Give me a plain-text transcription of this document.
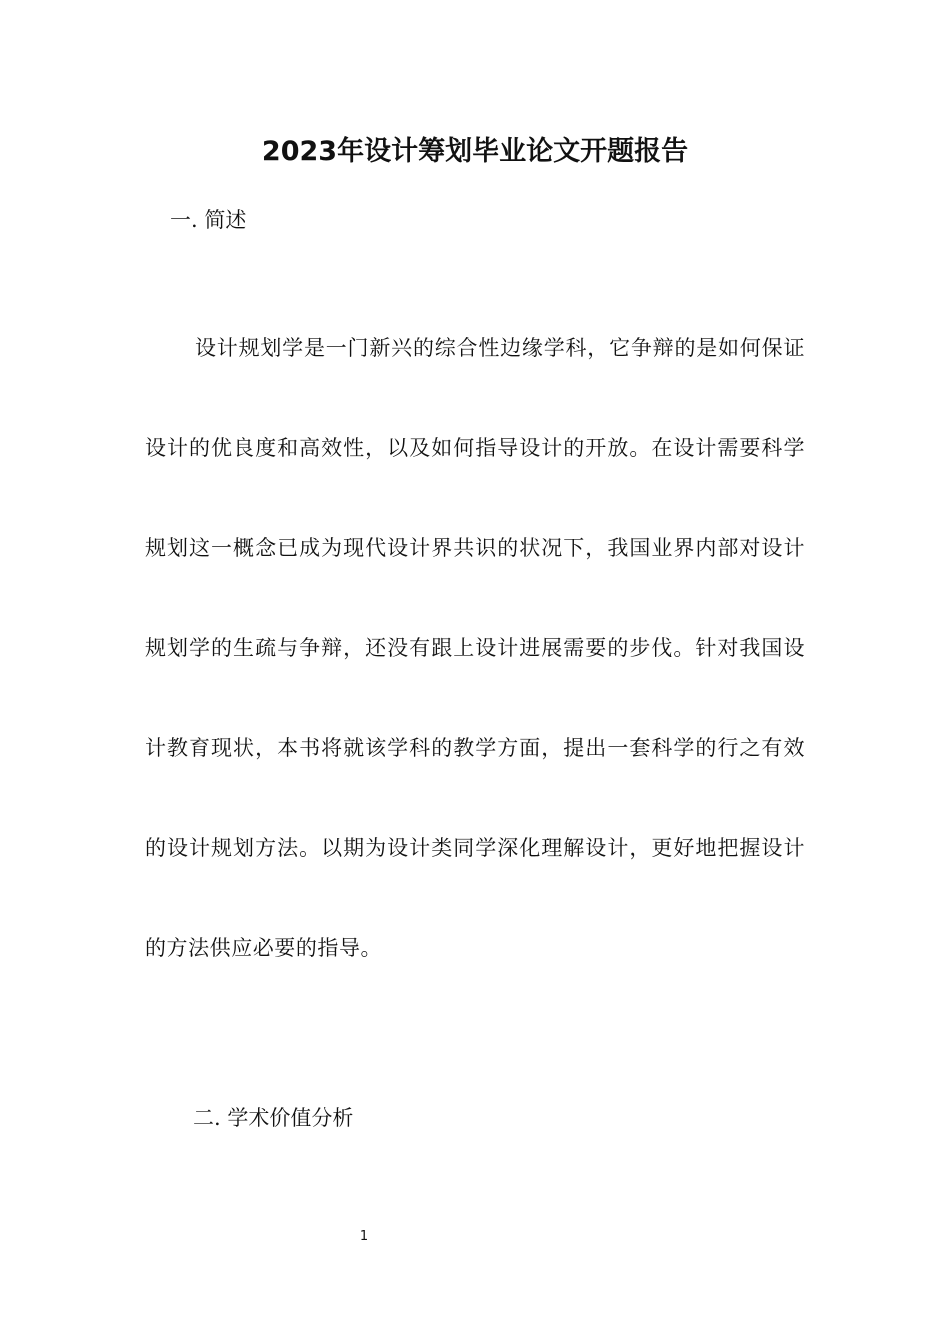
2023年设计筹划毕业论文开题报告

一. 简述

设计规划学是一门新兴的综合性边缘学科，它争辩的是如何保证设计的优良度和高效性，以及如何指导设计的开放。在设计需要科学规划这一概念已成为现代设计界共识的状况下，我国业界内部对设计规划学的生疏与争辩，还没有跟上设计进展需要的步伐。针对我国设计教育现状，本书将就该学科的教学方面，提出一套科学的行之有效的设计规划方法。以期为设计类同学深化理解设计，更好地把握设计的方法供应必要的指导。

二. 学术价值分析

1
